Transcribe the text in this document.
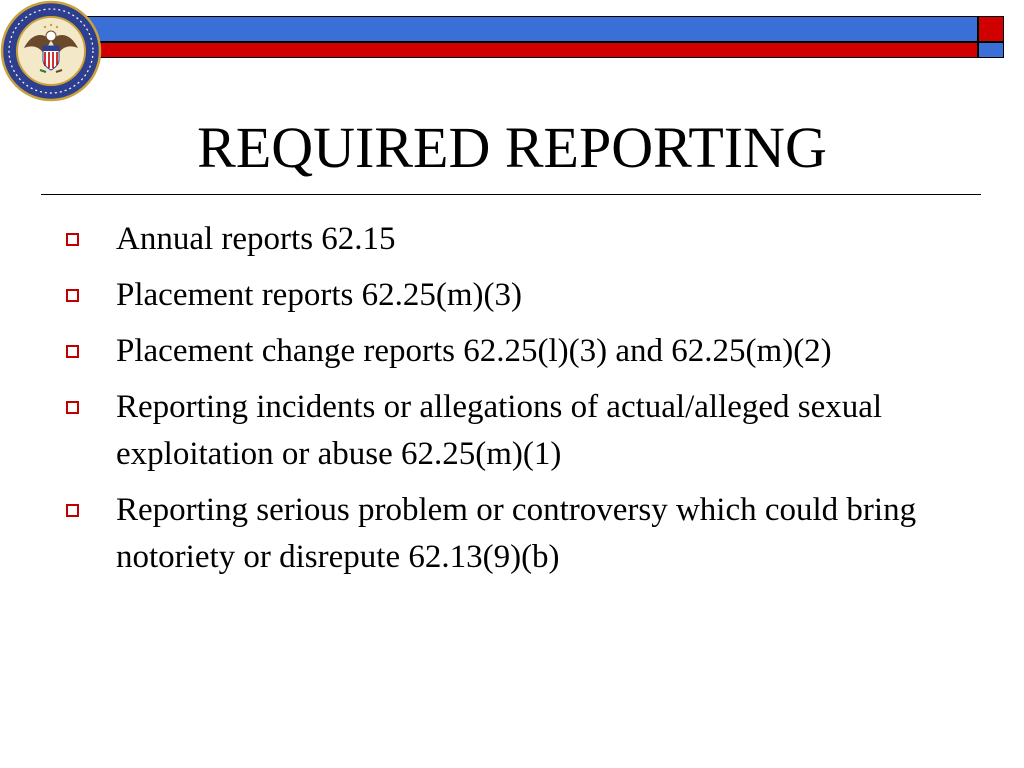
REQUIRED REPORTING
Annual reports 62.15
Placement reports 62.25(m)(3)
Placement change reports 62.25(l)(3) and 62.25(m)(2)
Reporting incidents or allegations of actual/alleged sexual exploitation or abuse 62.25(m)(1)
Reporting serious problem or controversy which could bring notoriety or disrepute 62.13(9)(b)
